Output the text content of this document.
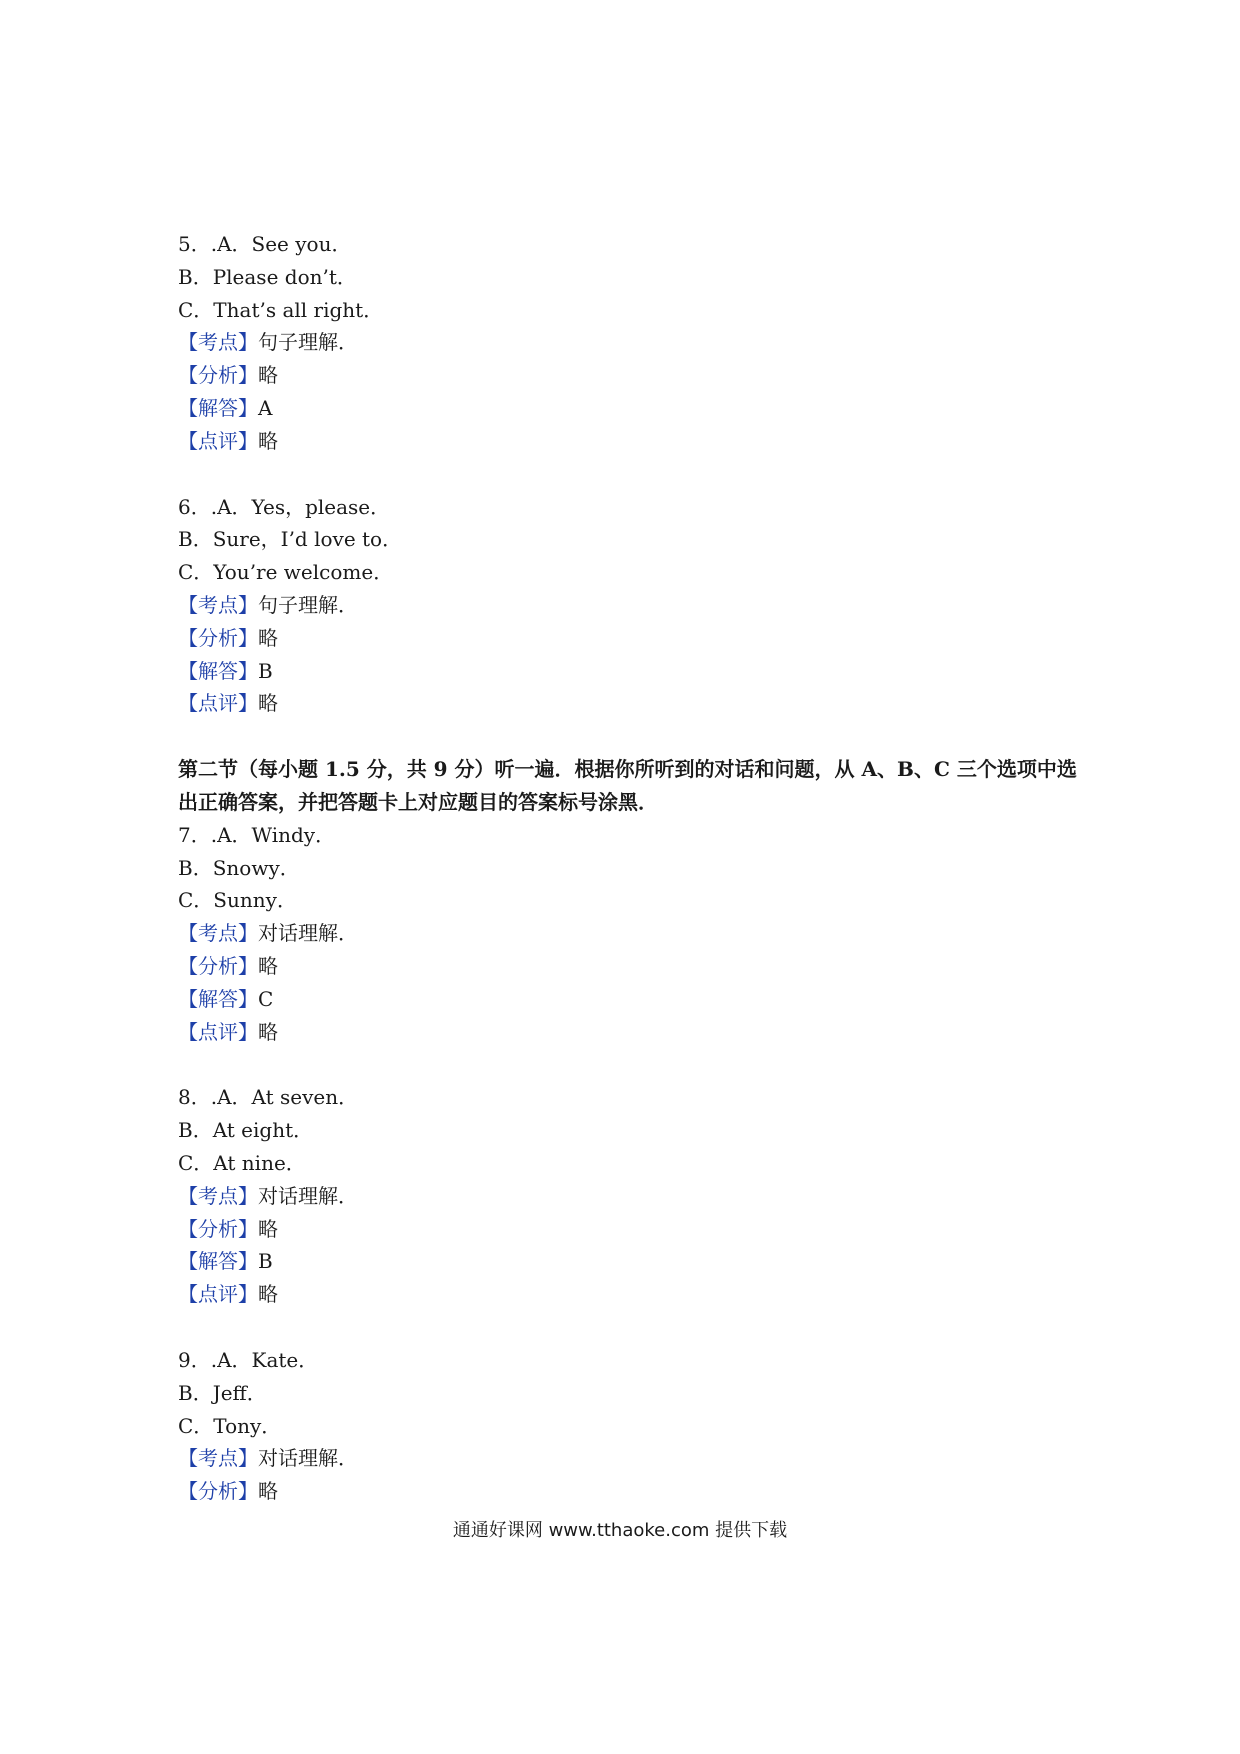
5．.A．See you．
B．Please don’t．
C．That’s all right．
【考点】句子理解．
【分析】略
【解答】A
【点评】略
6．.A．Yes，please．
B．Sure，I’d love to．
C．You’re welcome．
【考点】句子理解．
【分析】略
【解答】B
【点评】略
第二节（每小题 1.5 分，共 9 分）听一遍．根据你所听到的对话和问题，从 A、B、C 三个选项中选出正确答案，并把答题卡上对应题目的答案标号涂黑．
7．.A．Windy．
B．Snowy．
C．Sunny．
【考点】对话理解．
【分析】略
【解答】C
【点评】略
8．.A．At seven．
B．At eight．
C．At nine．
【考点】对话理解．
【分析】略
【解答】B
【点评】略
9．.A．Kate．
B．Jeff．
C．Tony．
【考点】对话理解．
【分析】略
通通好课网 www.tthaoke.com 提供下载
